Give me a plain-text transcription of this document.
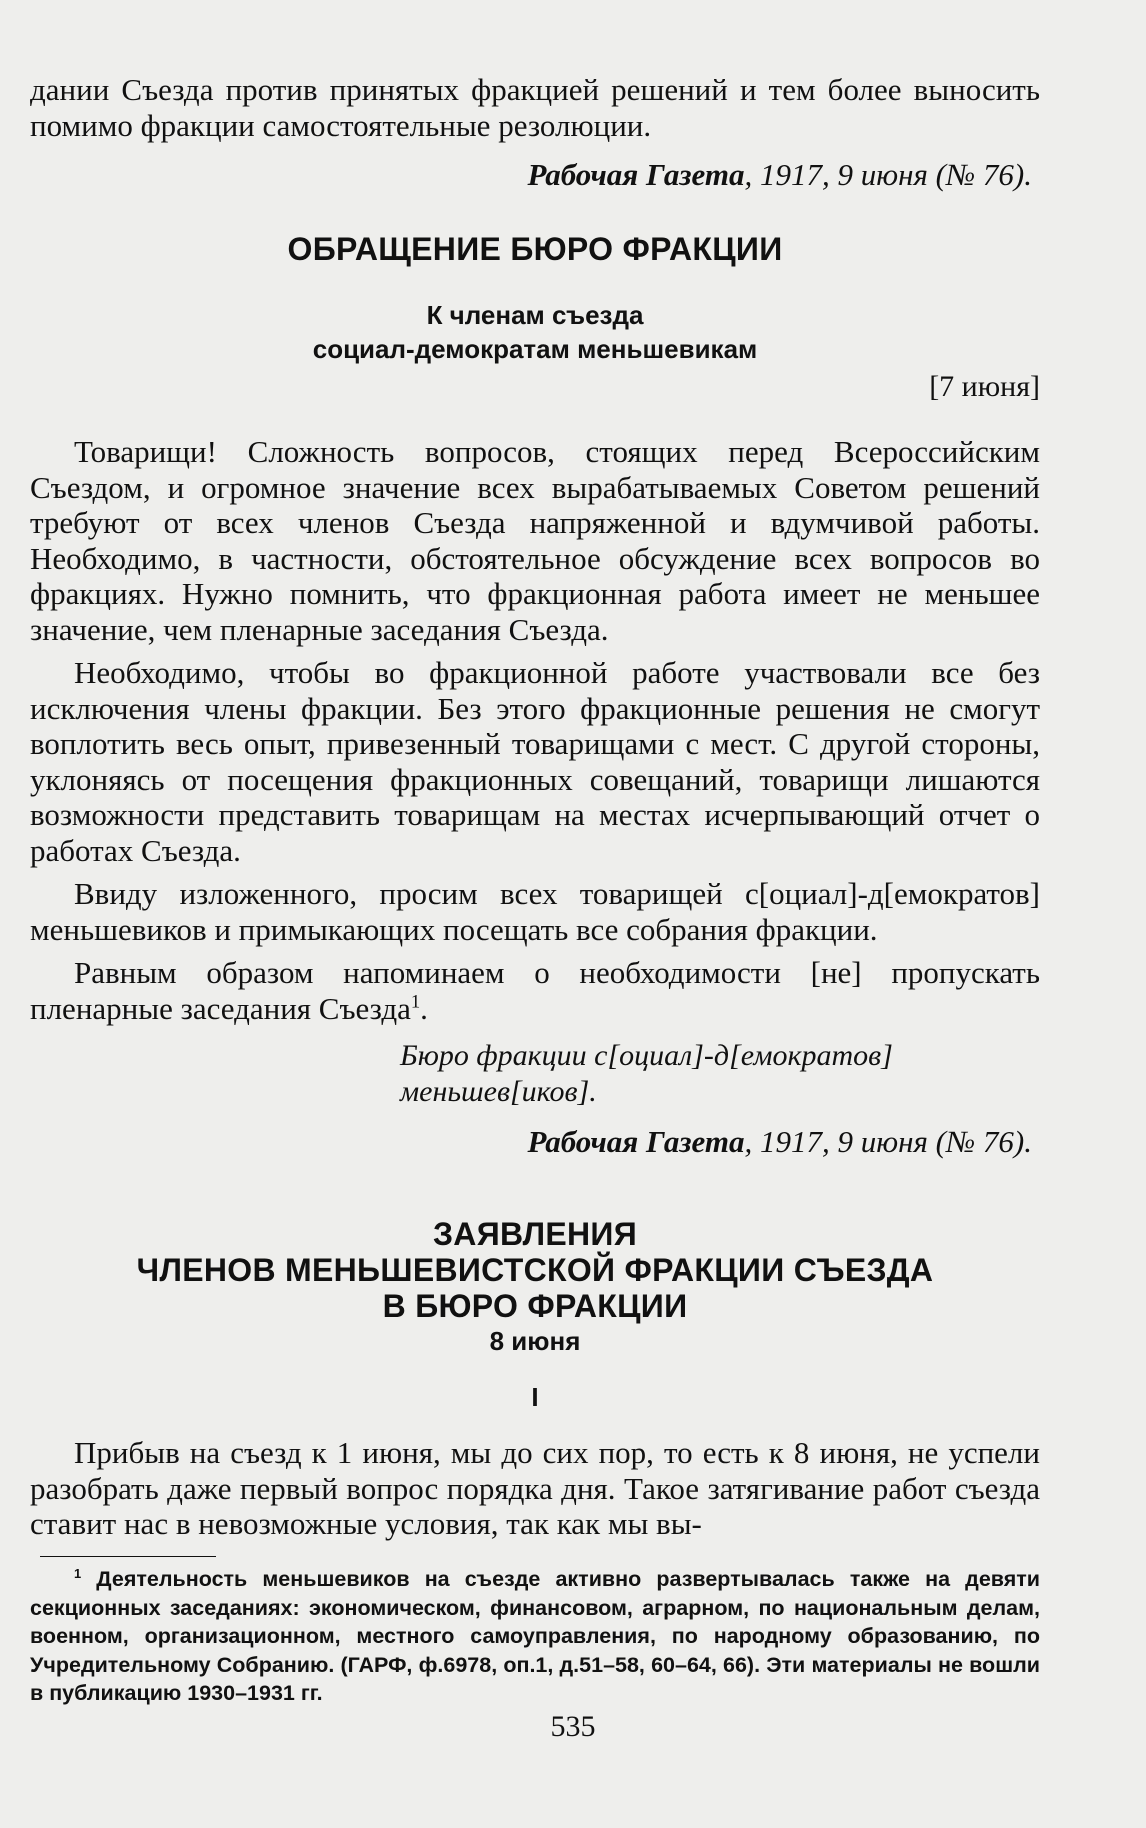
дании Съезда против принятых фракцией решений и тем более выносить помимо фракции самостоятельные резолюции.

Рабочая Газета, 1917, 9 июня (№ 76).

ОБРАЩЕНИЕ БЮРО ФРАКЦИИ

К членам съезда

социал-демократам меньшевикам

[7 июня]

Товарищи! Сложность вопросов, стоящих перед Всероссийским Съездом, и огромное значение всех вырабатываемых Советом решений требуют от всех членов Съезда напряженной и вдумчивой работы. Необходимо, в частности, обстоятельное обсуждение всех вопросов во фракциях. Нужно помнить, что фракционная работа имеет не меньшее значение, чем пленарные заседания Съезда.

Необходимо, чтобы во фракционной работе участвовали все без исключения члены фракции. Без этого фракционные решения не смогут воплотить весь опыт, привезенный товарищами с мест. С другой стороны, уклоняясь от посещения фракционных совещаний, товарищи лишаются возможности представить товарищам на местах исчерпывающий отчет о работах Съезда.

Ввиду изложенного, просим всех товарищей с[оциал]-д[емократов] меньшевиков и примыкающих посещать все собрания фракции.

Равным образом напоминаем о необходимости [не] пропускать пленарные заседания Съезда$^1$.

Бюро фракции с[оциал]-д[емократов]

меньшев[иков].

Рабочая Газета, 1917, 9 июня (№ 76).

ЗАЯВЛЕНИЯ
ЧЛЕНОВ МЕНЬШЕВИСТСКОЙ ФРАКЦИИ СЪЕЗДА
В БЮРО ФРАКЦИИ

8 июня

I

Прибыв на съезд к 1 июня, мы до сих пор, то есть к 8 июня, не успели разобрать даже первый вопрос порядка дня. Такое затягивание работ съезда ставит нас в невозможные условия, так как мы вы-

$^1$ Деятельность меньшевиков на съезде активно развертывалась также на девяти секционных заседаниях: экономическом, финансовом, аграрном, по национальным делам, военном, организационном, местного самоуправления, по народному образованию, по Учредительному Собранию. (ГАРФ, ф.6978, оп.1, д.51–58, 60–64, 66). Эти материалы не вошли в публикацию 1930–1931 гг.

535
